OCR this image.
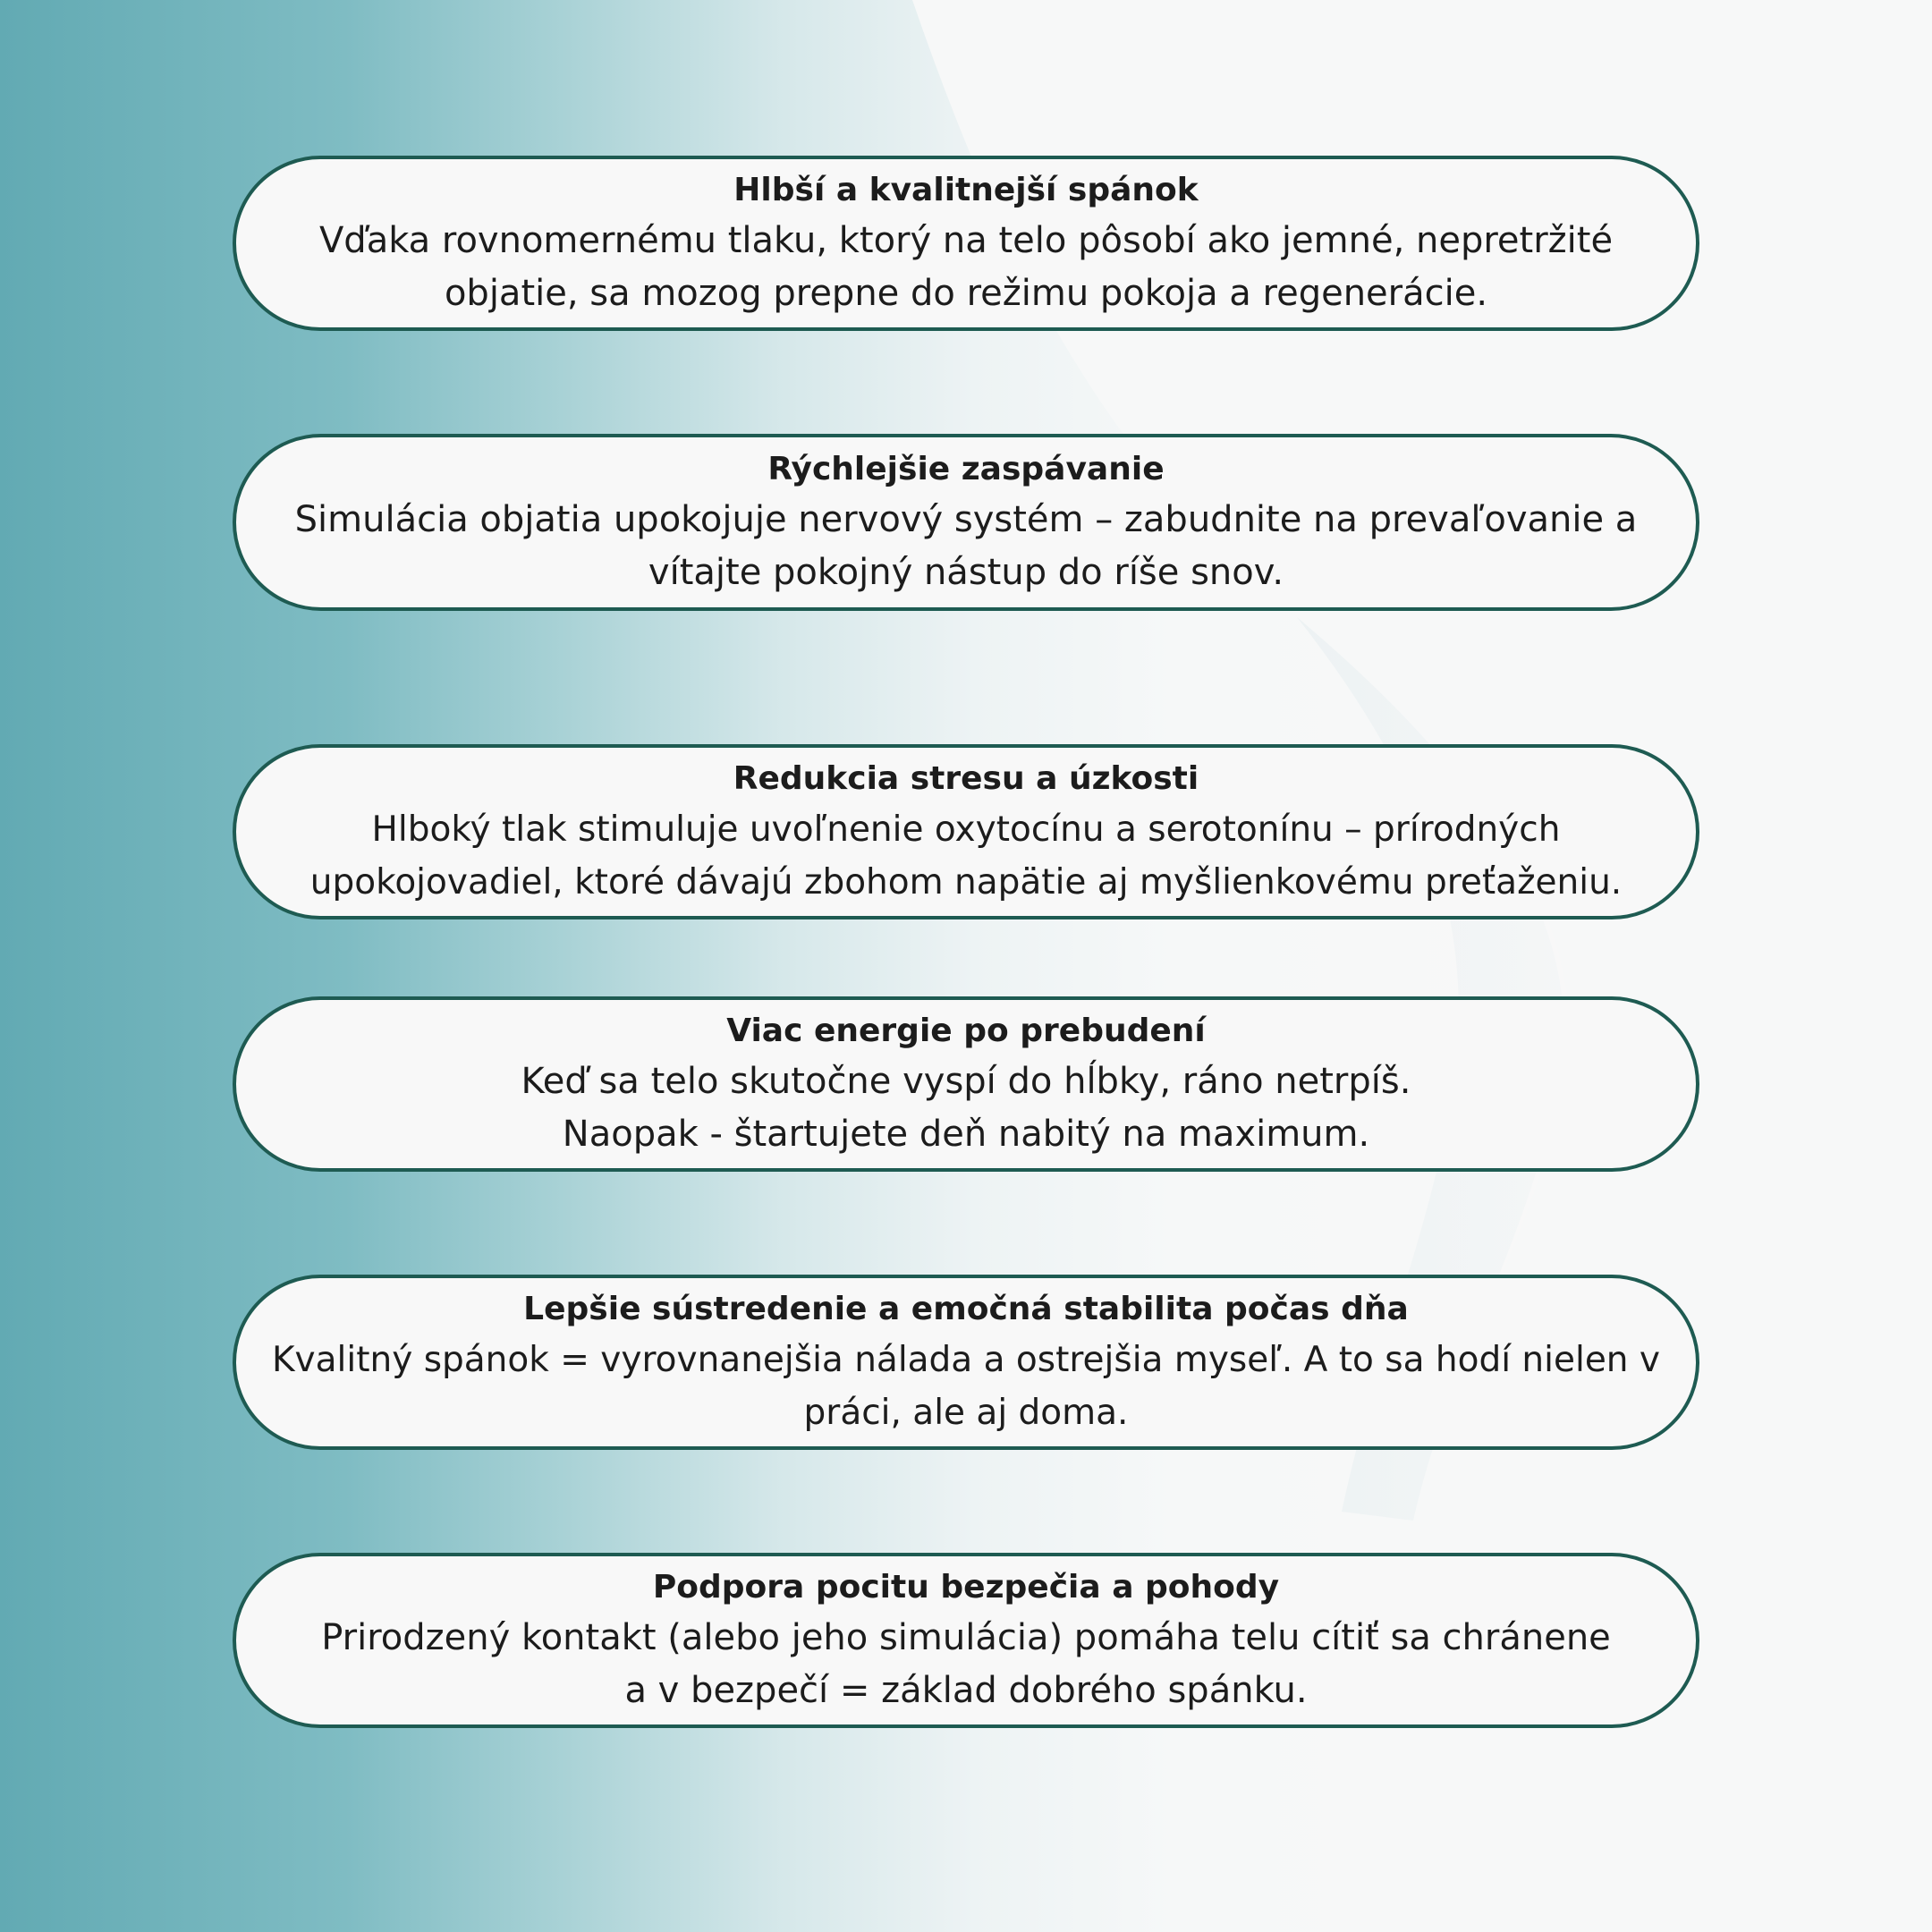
Hlbší a kvalitnejší spánok

Vďaka rovnomernému tlaku, ktorý na telo pôsobí ako jemné, nepretržité
objatie, sa mozog prepne do režimu pokoja a regenerácie.

Rýchlejšie zaspávanie

Simulácia objatia upokojuje nervový systém – zabudnite na prevaľovanie a
vítajte pokojný nástup do ríše snov.

Redukcia stresu a úzkosti

Hlboký tlak stimuluje uvoľnenie oxytocínu a serotonínu – prírodných
upokojovadiel, ktoré dávajú zbohom napätie aj myšlienkovému preťaženiu.

Viac energie po prebudení

Keď sa telo skutočne vyspí do hĺbky, ráno netrpíš.
Naopak - štartujete deň nabitý na maximum.

Lepšie sústredenie a emočná stabilita počas dňa

Kvalitný spánok = vyrovnanejšia nálada a ostrejšia myseľ. A to sa hodí nielen v
práci, ale aj doma.

Podpora pocitu bezpečia a pohody

Prirodzený kontakt (alebo jeho simulácia) pomáha telu cítiť sa chránene
a v bezpečí = základ dobrého spánku.
